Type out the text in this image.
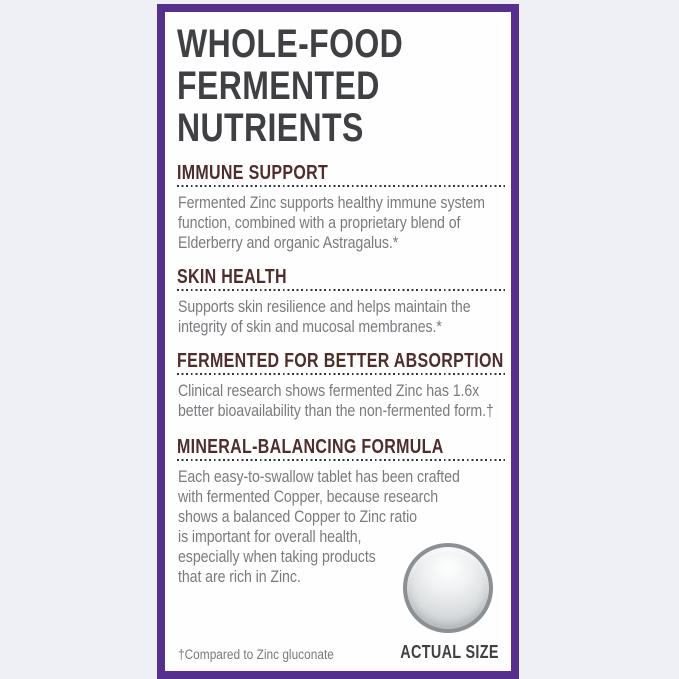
WHOLE-FOOD
FERMENTED
NUTRIENTS
IMMUNE SUPPORT
Fermented Zinc supports healthy immune system
function, combined with a proprietary blend of
Elderberry and organic Astragalus.*
SKIN HEALTH
Supports skin resilience and helps maintain the
integrity of skin and mucosal membranes.*
FERMENTED FOR BETTER ABSORPTION
Clinical research shows fermented Zinc has 1.6x
better bioavailability than the non-fermented form.†
MINERAL-BALANCING FORMULA
Each easy-to-swallow tablet has been crafted
with fermented Copper, because research
shows a balanced Copper to Zinc ratio
is important for overall health,
especially when taking products
that are rich in Zinc.
ACTUAL SIZE
†Compared to Zinc gluconate
